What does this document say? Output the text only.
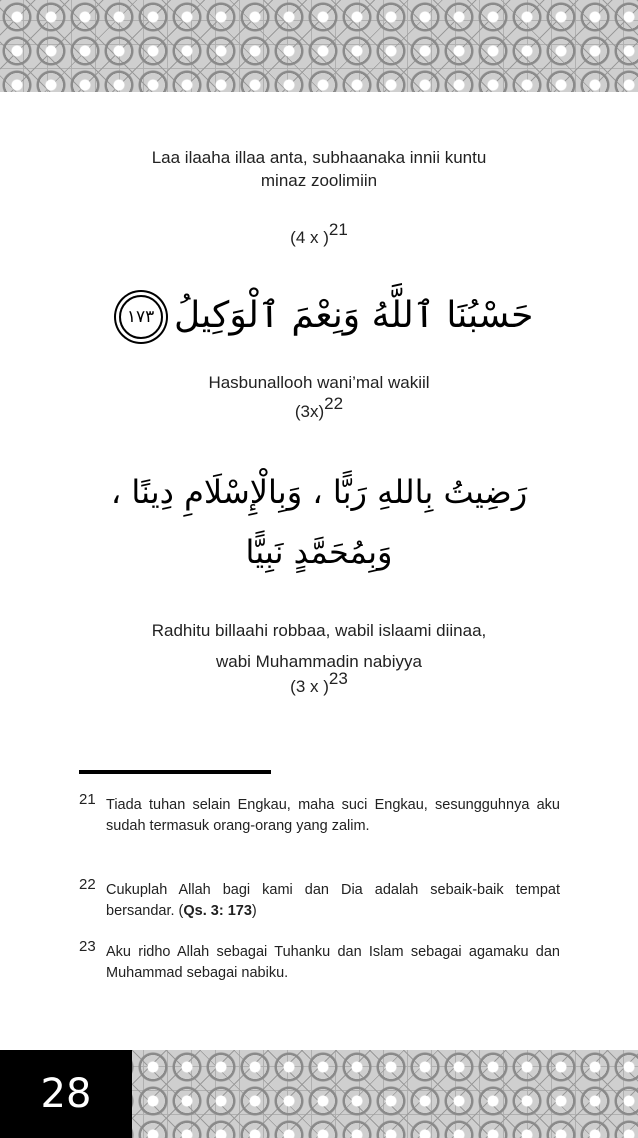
Laa ilaaha illaa anta, subhaanaka innii kuntu
minaz zoolimiin
(4 x )$^{21}$
حَسْبُنَا ٱللَّهُ وَنِعْمَ ٱلْوَكِيلُ ١٧٣
Hasbunallooh wani’mal wakiil
$(3x)^{22}$
رَضِيتُ بِاللهِ رَبًّا ، وَبِالْإِسْلَامِ دِينًا ،
وَبِمُحَمَّدٍ نَبِيًّا
Radhitu billaahi robbaa, wabil islaami diinaa,
wabi Muhammadin nabiyya
(3 x )$^{23}$
21 Tiada tuhan selain Engkau, maha suci Engkau, sesungguhnya aku sudah termasuk orang-orang yang zalim.
22 Cukuplah Allah bagi kami dan Dia adalah sebaik-baik tempat bersandar. (Qs. 3: 173)
23 Aku ridho Allah sebagai Tuhanku dan Islam sebagai agamaku dan Muhammad sebagai nabiku.
28
